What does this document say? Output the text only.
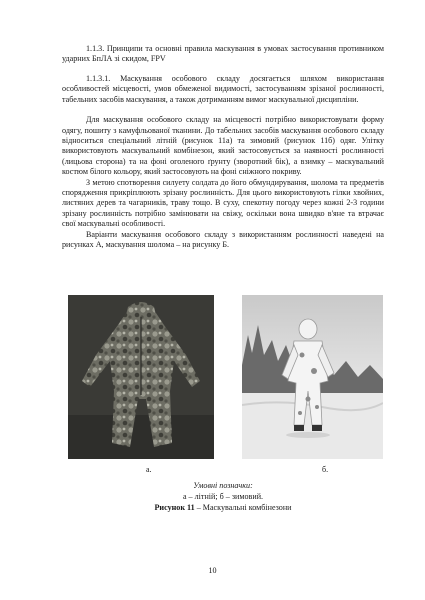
1.1.3. Принципи та основні правила маскування в умовах застосування противником ударних БпЛА зі скидом, FPV

1.1.3.1. Маскування особового складу досягається шляхом використання особливостей місцевості, умов обмеженої видимості, застосуванням зрізаної рослинності, табельних засобів маскування, а також дотриманням вимог маскувальної дисципліни.

Для маскування особового складу на місцевості потрібно використовувати форму одягу, пошиту з камуфльованої тканини. До табельних засобів маскування особового складу відноситься спеціальний літній (рисунок 11а) та зимовий (рисунок 11б) одяг. Улітку використовують маскувальний комбінезон, який застосовується за наявності рослинності (лицьова сторона) та на фоні оголеного ґрунту (зворотний бік), а взимку – маскувальний костюм білого кольору, який застосовують на фоні сніжного покриву.

З метою спотворення силуету солдата до його обмундирування, шолома та предметів спорядження прикріплюють зрізану рослинність. Для цього використовують гілки хвойних, листяних дерев та чагарників, траву тощо. В суху, спекотну погоду через кожні 2-3 години зрізану рослинність потрібно замінювати на свіжу, оскільки вона швидко в'яне та втрачає свої маскувальні особливості.

Варіанти маскування особового складу з використанням рослинності наведені на рисунках А, маскування шолома – на рисунку Б.

а.	б.
Умовні позначки:
а – літній; б – зимовий.
Рисунок 11 – Маскувальні комбінезони
10
